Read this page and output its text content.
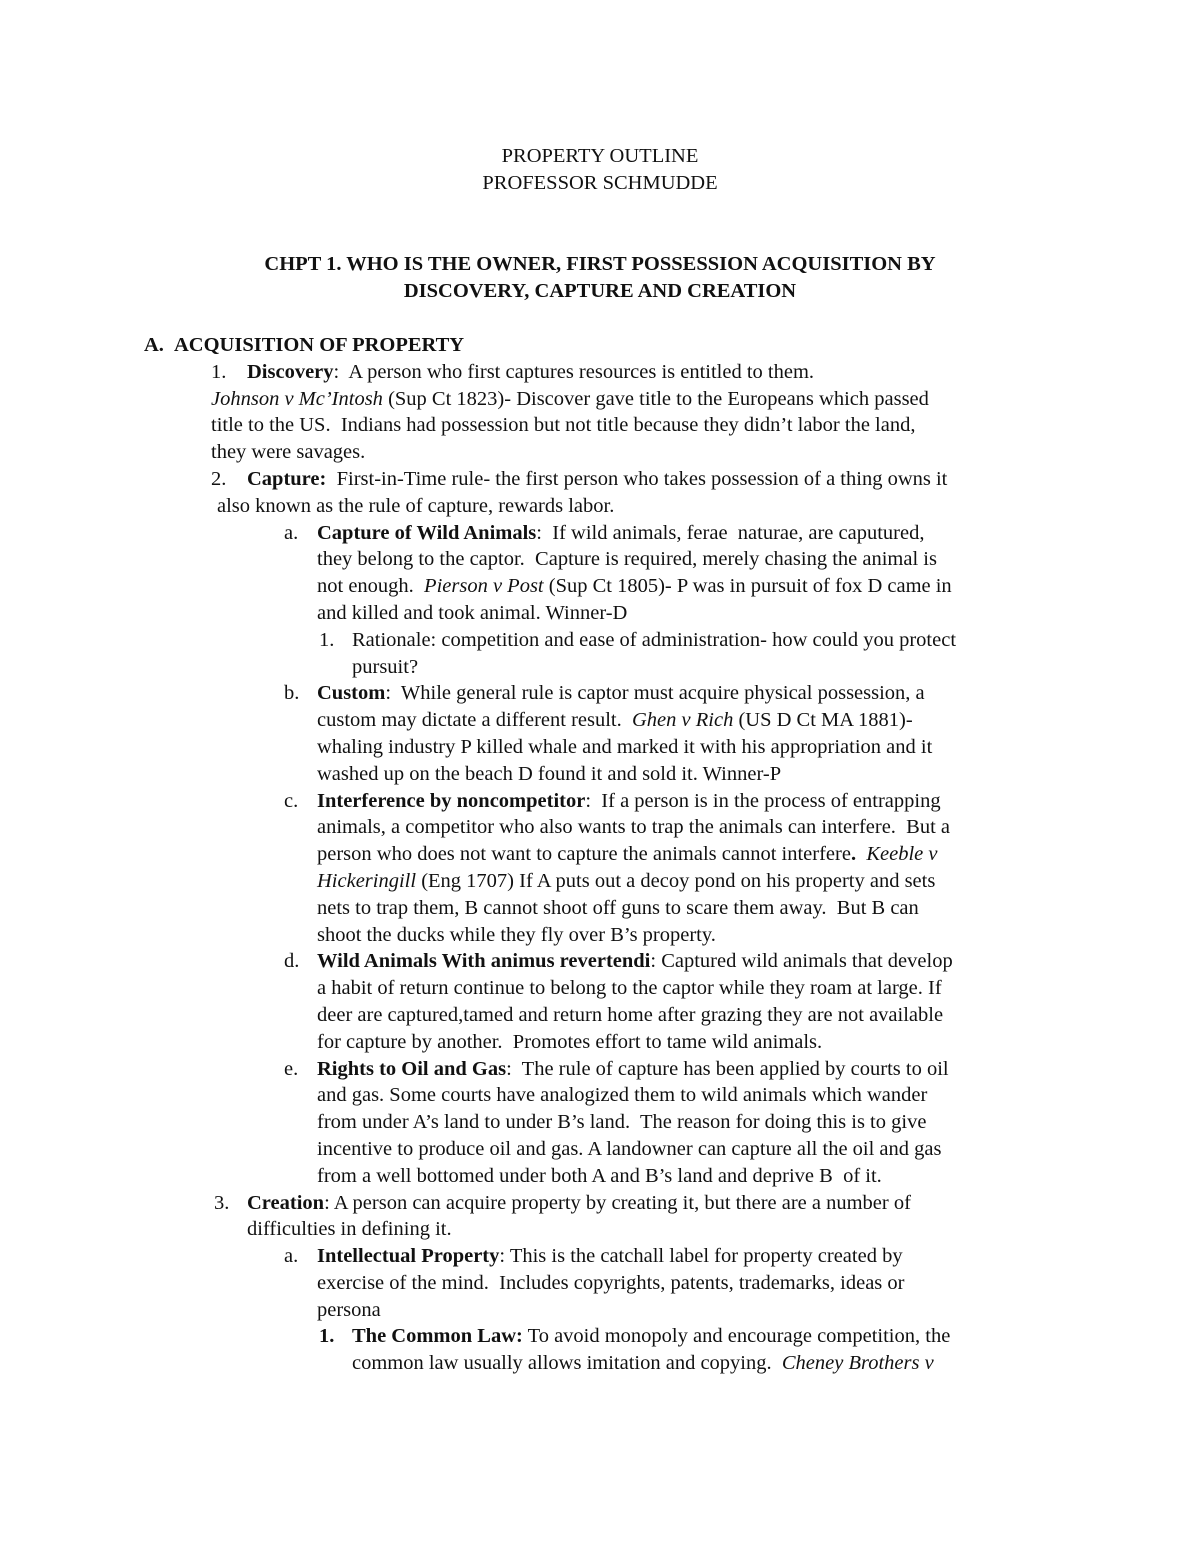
PROPERTY OUTLINE
PROFESSOR SCHMUDDE
CHPT 1. WHO IS THE OWNER, FIRST POSSESSION ACQUISITION BY
DISCOVERY, CAPTURE AND CREATION
A. ACQUISITION OF PROPERTY
1. Discovery:  A person who first captures resources is entitled to them.
Johnson v Mc’Intosh (Sup Ct 1823)- Discover gave title to the Europeans which passed
title to the US.  Indians had possession but not title because they didn’t labor the land,
they were savages.
2. Capture:  First-in-Time rule- the first person who takes possession of a thing owns it
also known as the rule of capture, rewards labor.
a. Capture of Wild Animals:  If wild animals, ferae  naturae, are caputured,
they belong to the captor.  Capture is required, merely chasing the animal is
not enough.  Pierson v Post (Sup Ct 1805)- P was in pursuit of fox D came in
and killed and took animal. Winner-D
1. Rationale: competition and ease of administration- how could you protect
pursuit?
b. Custom:  While general rule is captor must acquire physical possession, a
custom may dictate a different result.  Ghen v Rich (US D Ct MA 1881)-
whaling industry P killed whale and marked it with his appropriation and it
washed up on the beach D found it and sold it. Winner-P
c. Interference by noncompetitor:  If a person is in the process of entrapping
animals, a competitor who also wants to trap the animals can interfere.  But a
person who does not want to capture the animals cannot interfere. Keeble v
Hickeringill (Eng 1707) If A puts out a decoy pond on his property and sets
nets to trap them, B cannot shoot off guns to scare them away.  But B can
shoot the ducks while they fly over B’s property.
d. Wild Animals With animus revertendi: Captured wild animals that develop
a habit of return continue to belong to the captor while they roam at large. If
deer are captured,tamed and return home after grazing they are not available
for capture by another.  Promotes effort to tame wild animals.
e. Rights to Oil and Gas:  The rule of capture has been applied by courts to oil
and gas. Some courts have analogized them to wild animals which wander
from under A’s land to under B’s land.  The reason for doing this is to give
incentive to produce oil and gas. A landowner can capture all the oil and gas
from a well bottomed under both A and B’s land and deprive B  of it.
3. Creation: A person can acquire property by creating it, but there are a number of
difficulties in defining it.
a. Intellectual Property: This is the catchall label for property created by
exercise of the mind.  Includes copyrights, patents, trademarks, ideas or
persona
1. The Common Law: To avoid monopoly and encourage competition, the
common law usually allows imitation and copying.  Cheney Brothers v
